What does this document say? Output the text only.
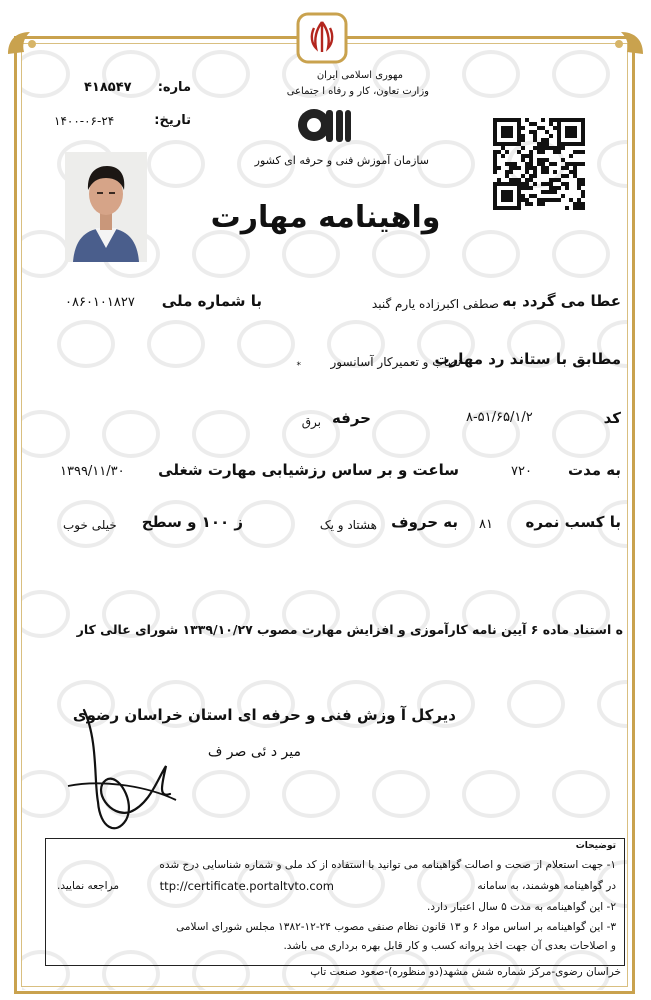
مهوری اسلامی ایران
وزارت تعاون، کار و رفاه ا جتماعی
سازمان آموزش فنی و حرفه ای کشور
ماره:
۴۱۸۵۴۷
تاریخ:
۱۴۰۰-۰۶-۲۴
واهینامه مهارت
عطا می گردد به
صطفی اکبرزاده یارم گنبد
با شماره ملی
۰۸۶۰۱۰۱۸۲۷
مطابق با ستاند رد مهارت
نصاب و تعمیرکار آسانسور
*
کد
۸-۵۱/۶۵/۱/۲
حرفه
برق
به مدت
۷۲۰
ساعت و بر ساس رزشیابی مهارت شغلی
۱۳۹۹/۱۱/۳۰
با کسب نمره
۸۱
به حروف
هشتاد و یک
ز ۱۰۰ و سطح
خیلی خوب
ه استناد ماده ۶ آیین نامه کارآموزی و افزایش مهارت مصوب ۱۳۳۹/۱۰/۲۷ شورای عالی کار
دیرکل آ وزش فنی و حرفه ای استان خراسان رضوی
میر د ئی صر ف
توضیحات
۱- جهت استعلام از صحت و اصالت گواهینامه می توانید با استفاده از کد ملی و شماره شناسایی درج شده
در گواهینامه هوشمند، به سامانه
ttp://certificate.portaltvto.com
مراجعه نمایید.
۲- این گواهینامه به مدت ۵ سال اعتبار دارد.
۳- این گواهینامه بر اساس مواد ۶ و ۱۳ قانون نظام صنفی مصوب ۲۴-۱۲-۱۳۸۲ مجلس شورای اسلامی
و اصلاحات بعدی آن جهت اخذ پروانه کسب و کار قابل بهره برداری می باشد.
خراسان رضوی-مرکز شماره شش مشهد(دو منظوره)-صعود صنعت تاپ
